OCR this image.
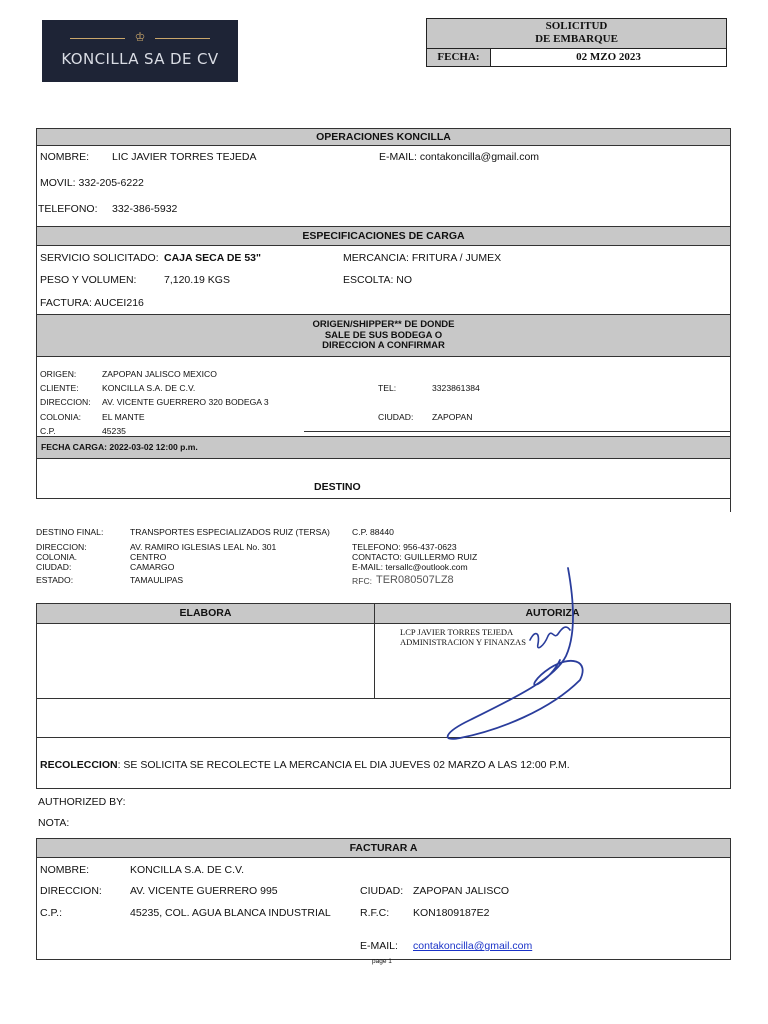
♔
KONCILLA SA DE CV
SOLICITUD
DE EMBARQUE
FECHA:	02 MZO 2023
OPERACIONES KONCILLA
NOMBRE: LIC JAVIER TORRES TEJEDA	E-MAIL: contakoncilla@gmail.com
MOVIL: 332-205-6222
TELEFONO: 332-386-5932
ESPECIFICACIONES DE CARGA
SERVICIO SOLICITADO: CAJA SECA DE 53"	MERCANCIA: FRITURA / JUMEX
PESO Y VOLUMEN:	7,120.19 KGS	ESCOLTA: NO
FACTURA: AUCEI216
ORIGEN/SHIPPER** DE DONDE
SALE DE SUS BODEGA O
DIRECCION A CONFIRMAR
ORIGEN:	ZAPOPAN JALISCO MEXICO
CLIENTE:	KONCILLA S.A. DE C.V.
DIRECCION: AV. VICENTE GUERRERO 320 BODEGA 3
COLONIA: EL MANTE
C.P.	45235
TEL:	3323861384
CIUDAD: ZAPOPAN
FECHA CARGA: 2022-03-02 12:00 p.m.
DESTINO
DESTINO FINAL:	TRANSPORTES ESPECIALIZADOS RUIZ (TERSA)
DIRECCION:	AV. RAMIRO IGLESIAS LEAL No. 301
COLONIA.	CENTRO
CIUDAD:	CAMARGO
ESTADO:	TAMAULIPAS
C.P. 88440
TELEFONO: 956-437-0623
CONTACTO: GUILLERMO RUIZ
E-MAIL: tersallc@outlook.com
RFC: TER080507LZ8
ELABORA	AUTORIZA
LCP JAVIER TORRES TEJEDA
ADMINISTRACION Y FINANZAS
RECOLECCION: SE SOLICITA SE RECOLECTE LA MERCANCIA EL DIA JUEVES 02 MARZO A LAS 12:00 P.M.
AUTHORIZED BY:
NOTA:
FACTURAR A
NOMBRE:	KONCILLA S.A. DE C.V.
DIRECCION:	AV. VICENTE GUERRERO 995
C.P.:	45235, COL. AGUA BLANCA INDUSTRIAL
CIUDAD: ZAPOPAN JALISCO
R.F.C: KON1809187E2
E-MAIL: contakoncilla@gmail.com
page 1
